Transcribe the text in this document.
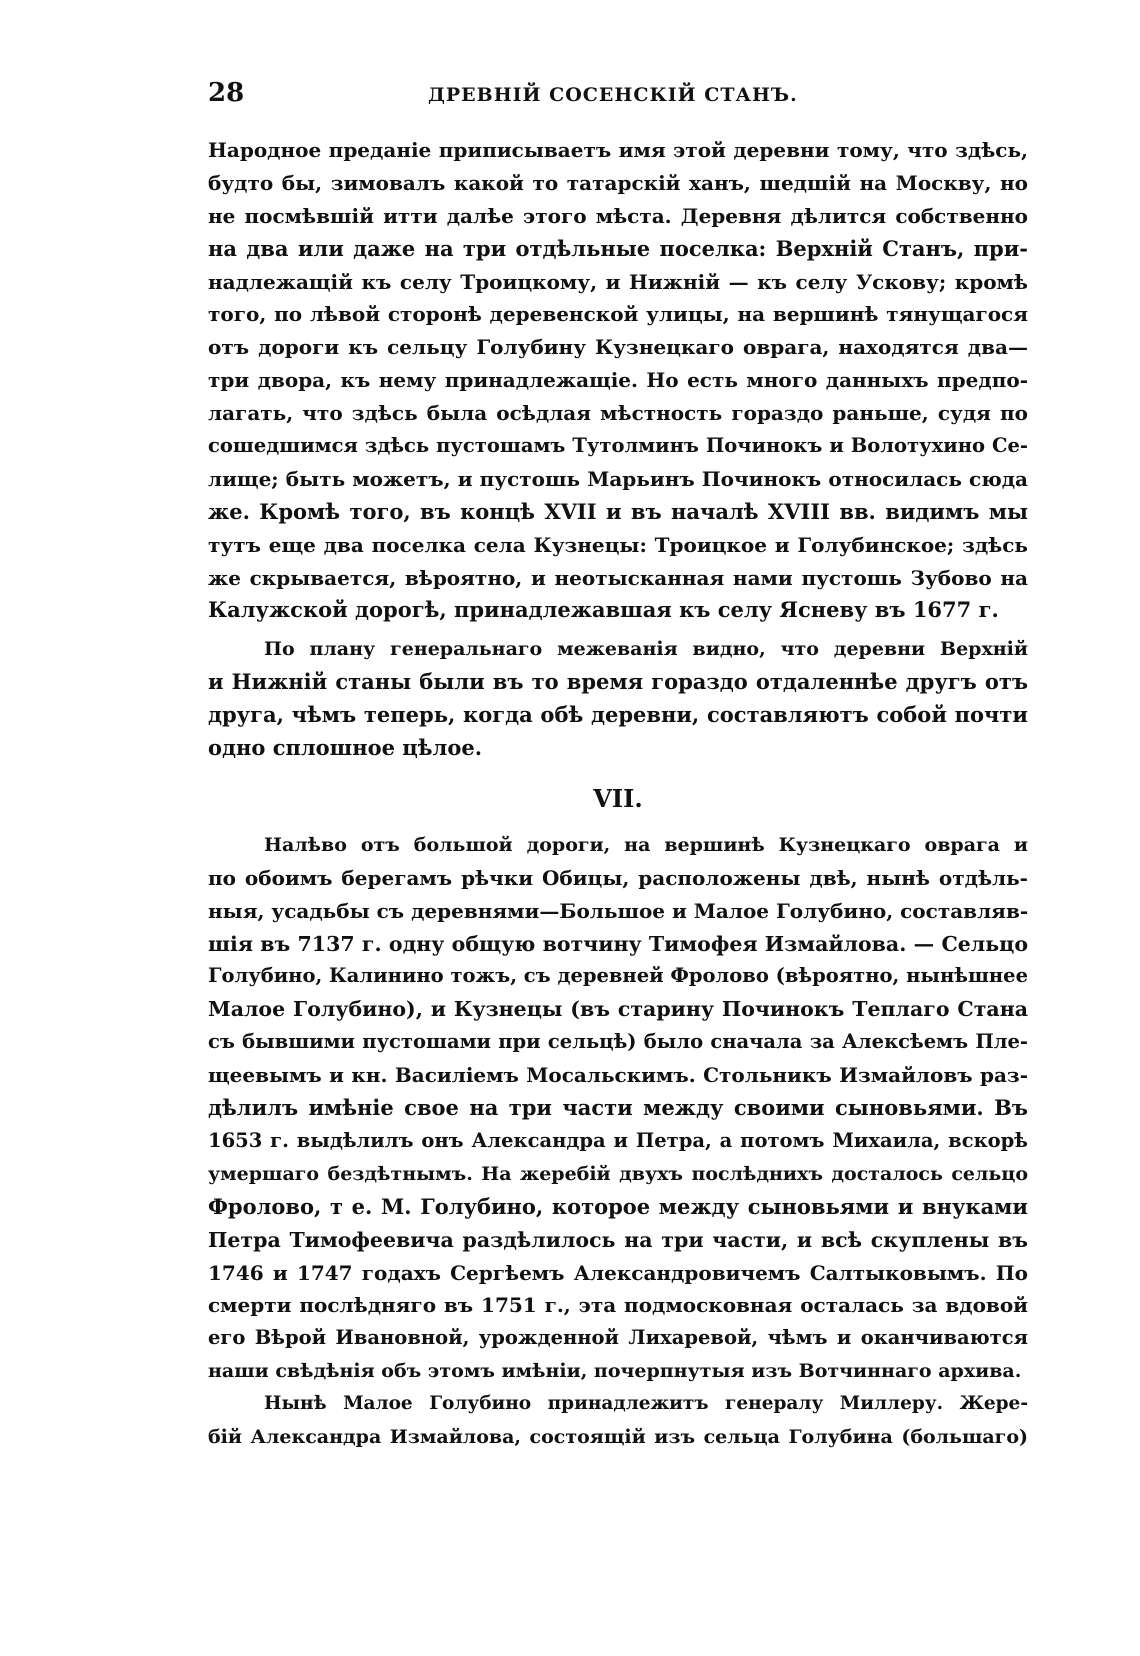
28	ДРЕВНІЙ СОСЕНСКІЙ СТАНЪ.
Народное преданіе приписываетъ имя этой деревни тому, что здѣсь,
будто бы, зимовалъ какой то татарскій ханъ, шедшій на Москву, но
не посмѣвшій итти далѣе этого мѣста. Деревня дѣлится собственно
на два или даже на три отдѣльные поселка: Верхній Станъ, при-
надлежащій къ селу Троицкому, и Нижній — къ селу Ускову; кромѣ
того, по лѣвой сторонѣ деревенской улицы, на вершинѣ тянущагося
отъ дороги къ сельцу Голубину Кузнецкаго оврага, находятся два—
три двора, къ нему принадлежащіе. Но есть много данныхъ предпо-
лагать, что здѣсь была осѣдлая мѣстность гораздо раньше, судя по
сошедшимся здѣсь пустошамъ Тутолминъ Починокъ и Волотухино Се-
лище; быть можетъ, и пустошь Марьинъ Починокъ относилась сюда
же. Кромѣ того, въ концѣ XVII и въ началѣ XVIII вв. видимъ мы
тутъ еще два поселка села Кузнецы: Троицкое и Голубинское; здѣсь
же скрывается, вѣроятно, и неотысканная нами пустошь Зубово на
Калужской дорогѣ, принадлежавшая къ селу Ясневу въ 1677 г.
По плану генеральнаго межеванія видно, что деревни Верхній
и Нижній станы были въ то время гораздо отдаленнѣе другъ отъ
друга, чѣмъ теперь, когда обѣ деревни, составляютъ собой почти
одно сплошное цѣлое.
VII.
Налѣво отъ большой дороги, на вершинѣ Кузнецкаго оврага и
по обоимъ берегамъ рѣчки Обицы, расположены двѣ, нынѣ отдѣль-
ныя, усадьбы съ деревнями—Большое и Малое Голубино, составляв-
шія въ 7137 г. одну общую вотчину Тимофея Измайлова. — Сельцо
Голубино, Калинино тожъ, съ деревней Фролово (вѣроятно, нынѣшнее
Малое Голубино), и Кузнецы (въ старину Починокъ Теплаго Стана
съ бывшими пустошами при сельцѣ) было сначала за Алексѣемъ Пле-
щеевымъ и кн. Василіемъ Мосальскимъ. Стольникъ Измайловъ раз-
дѣлилъ имѣніе свое на три части между своими сыновьями. Въ
1653 г. выдѣлилъ онъ Александра и Петра, а потомъ Михаила, вскорѣ
умершаго бездѣтнымъ. На жеребій двухъ послѣднихъ досталось сельцо
Фролово, т е. М. Голубино, которое между сыновьями и внуками
Петра Тимофеевича раздѣлилось на три части, и всѣ скуплены въ
1746 и 1747 годахъ Сергѣемъ Александровичемъ Салтыковымъ. По
смерти послѣдняго въ 1751 г., эта подмосковная осталась за вдовой
его Вѣрой Ивановной, урожденной Лихаревой, чѣмъ и оканчиваются
наши свѣдѣнія объ этомъ имѣніи, почерпнутыя изъ Вотчиннаго архива.
Нынѣ Малое Голубино принадлежитъ генералу Миллеру. Жере-
бій Александра Измайлова, состоящій изъ сельца Голубина (большаго)
